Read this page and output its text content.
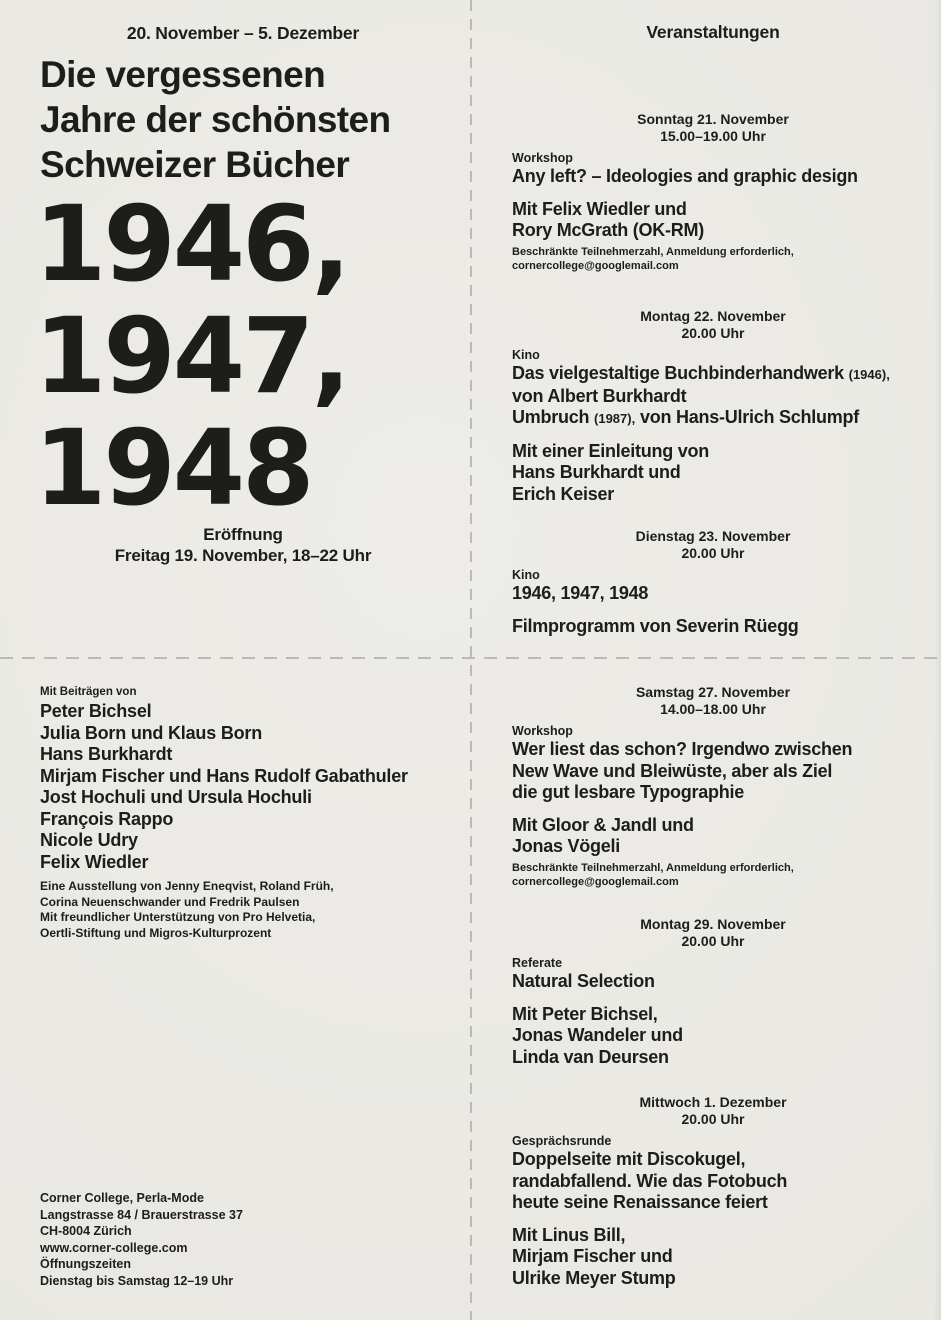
20. November – 5. Dezember
Die vergessenen
Jahre der schönsten
Schweizer Bücher
1946,
1947,
1948
Eröffnung
Freitag 19. November, 18–22 Uhr
Mit Beiträgen von
Peter Bichsel
Julia Born und Klaus Born
Hans Burkhardt
Mirjam Fischer und Hans Rudolf Gabathuler
Jost Hochuli und Ursula Hochuli
François Rappo
Nicole Udry
Felix Wiedler
Eine Ausstellung von Jenny Eneqvist, Roland Früh,
Corina Neuenschwander und Fredrik Paulsen
Mit freundlicher Unterstützung von Pro Helvetia,
Oertli-Stiftung und Migros-Kulturprozent
Corner College, Perla-Mode
Langstrasse 84 / Brauerstrasse 37
CH-8004 Zürich
www.corner-college.com
Öffnungszeiten
Dienstag bis Samstag 12–19 Uhr
Veranstaltungen
Sonntag 21. November
15.00–19.00 Uhr
Workshop
Any left? – Ideologies and graphic design
Mit Felix Wiedler und
Rory McGrath (OK-RM)
Beschränkte Teilnehmerzahl, Anmeldung erforderlich,
cornercollege@googlemail.com
Montag 22. November
20.00 Uhr
Kino
Das vielgestaltige Buchbinderhandwerk (1946),
von Albert Burkhardt
Umbruch (1987), von Hans-Ulrich Schlumpf
Mit einer Einleitung von
Hans Burkhardt und
Erich Keiser
Dienstag 23. November
20.00 Uhr
Kino
1946, 1947, 1948
Filmprogramm von Severin Rüegg
Samstag 27. November
14.00–18.00 Uhr
Workshop
Wer liest das schon? Irgendwo zwischen
New Wave und Bleiwüste, aber als Ziel
die gut lesbare Typographie
Mit Gloor & Jandl und
Jonas Vögeli
Beschränkte Teilnehmerzahl, Anmeldung erforderlich,
cornercollege@googlemail.com
Montag 29. November
20.00 Uhr
Referate
Natural Selection
Mit Peter Bichsel,
Jonas Wandeler und
Linda van Deursen
Mittwoch 1. Dezember
20.00 Uhr
Gesprächsrunde
Doppelseite mit Discokugel,
randabfallend. Wie das Fotobuch
heute seine Renaissance feiert
Mit Linus Bill,
Mirjam Fischer und
Ulrike Meyer Stump
